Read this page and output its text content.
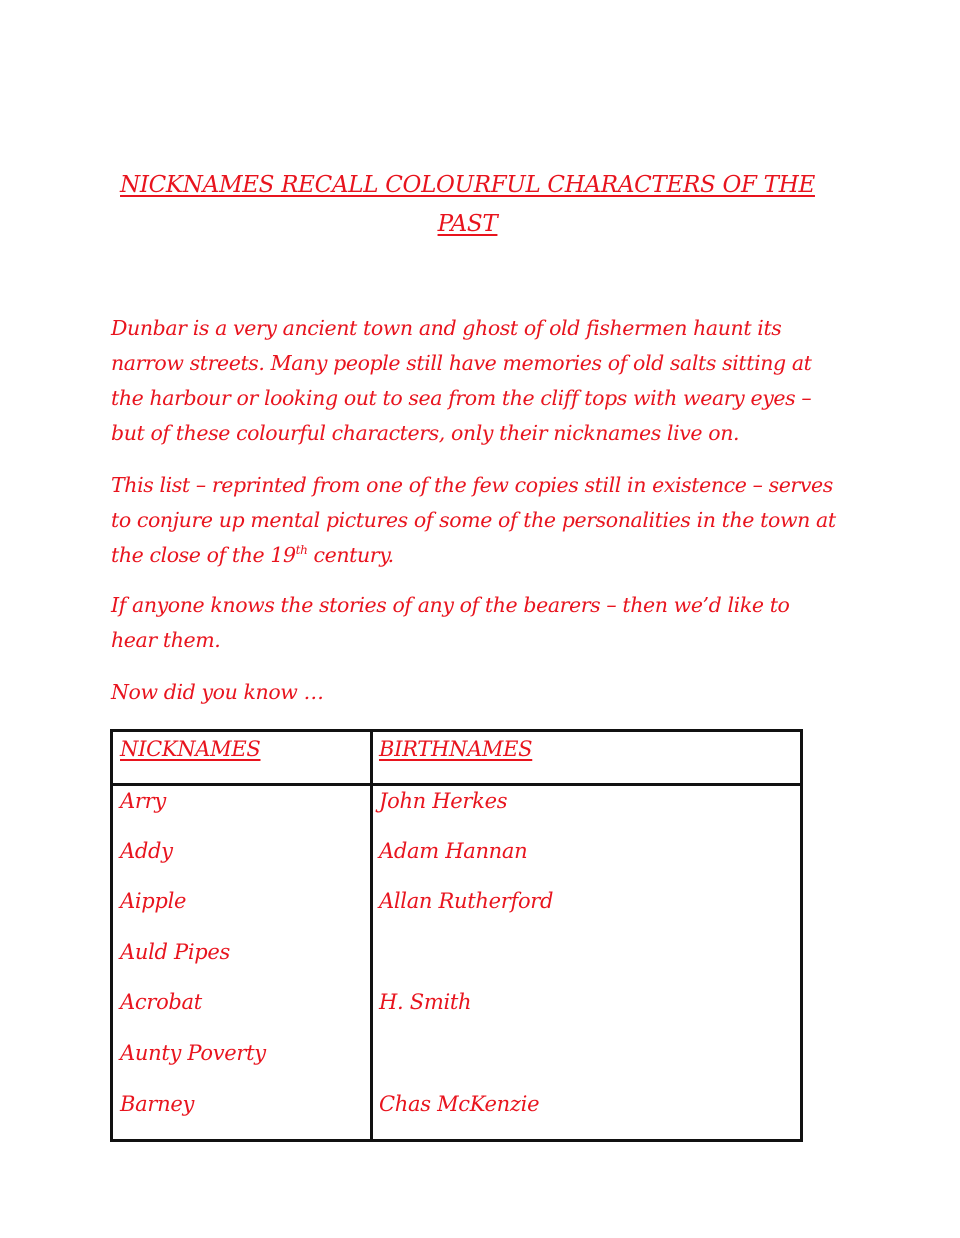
NICKNAMES RECALL COLOURFUL CHARACTERS OF THE PAST

Dunbar is a very ancient town and ghost of old fishermen haunt its narrow streets. Many people still have memories of old salts sitting at the harbour or looking out to sea from the cliff tops with weary eyes – but of these colourful characters, only their nicknames live on.

This list – reprinted from one of the few copies still in existence – serves to conjure up mental pictures of some of the personalities in the town at the close of the 19th century.

If anyone knows the stories of any of the bearers – then we’d like to hear them.

Now did you know …

NICKNAMES	BIRTHNAMES
Arry	John Herkes
Addy	Adam Hannan
Aipple	Allan Rutherford
Auld Pipes
Acrobat	H. Smith
Aunty Poverty
Barney	Chas McKenzie
